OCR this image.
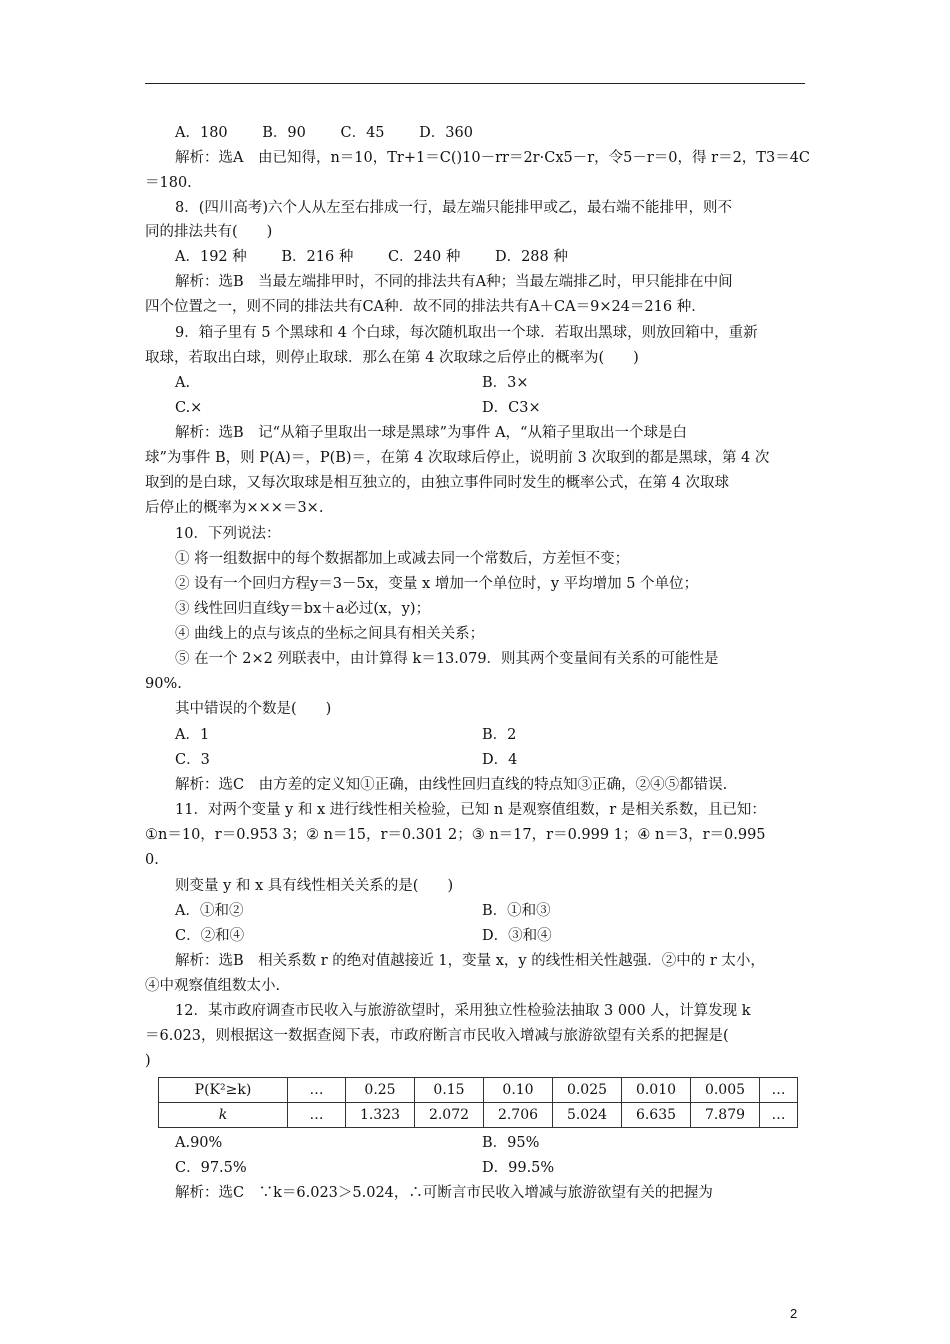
A．180 B．90 C．45 D．360
解析：选A　由已知得，n＝10，Tr+1＝C()10－rr＝2r·Cx5－r，令5－r＝0，得 r＝2，T3＝4C
＝180.
8．(四川高考)六个人从左至右排成一行，最左端只能排甲或乙，最右端不能排甲，则不
同的排法共有(　　)
A．192 种 B．216 种 C．240 种 D．288 种
解析：选B　当最左端排甲时，不同的排法共有A种；当最左端排乙时，甲只能排在中间
四个位置之一，则不同的排法共有CA种．故不同的排法共有A＋CA＝9×24＝216 种．
9．箱子里有 5 个黑球和 4 个白球，每次随机取出一个球．若取出黑球，则放回箱中，重新
取球，若取出白球，则停止取球．那么在第 4 次取球之后停止的概率为(　　)
A.	B．3×
C.×	D．C3×
解析：选B　记“从箱子里取出一球是黑球”为事件 A，“从箱子里取出一个球是白
球”为事件 B，则 P(A)＝，P(B)＝，在第 4 次取球后停止，说明前 3 次取到的都是黑球，第 4 次
取到的是白球，又每次取球是相互独立的，由独立事件同时发生的概率公式，在第 4 次取球
后停止的概率为×××＝3×.
10．下列说法：
① 将一组数据中的每个数据都加上或减去同一个常数后，方差恒不变；
② 设有一个回归方程y＝3－5x，变量 x 增加一个单位时，y 平均增加 5 个单位；
③ 线性回归直线y＝bx＋a必过(x，y)；
④ 曲线上的点与该点的坐标之间具有相关关系；
⑤ 在一个 2×2 列联表中，由计算得 k＝13.079．则其两个变量间有关系的可能性是
90%.
其中错误的个数是(　　)
A．1	B．2
C．3	D．4
解析：选C　由方差的定义知①正确，由线性回归直线的特点知③正确，②④⑤都错误.
11．对两个变量 y 和 x 进行线性相关检验，已知 n 是观察值组数，r 是相关系数，且已知：
①n＝10，r＝0.953 3；② n＝15，r＝0.301 2；③ n＝17，r＝0.999 1；④ n＝3，r＝0.995
0.
则变量 y 和 x 具有线性相关关系的是(　　)
A．①和②	B．①和③
C．②和④	D．③和④
解析：选B　相关系数 r 的绝对值越接近 1，变量 x，y 的线性相关性越强．②中的 r 太小，
④中观察值组数太小.
12．某市政府调查市民收入与旅游欲望时，采用独立性检验法抽取 3 000 人，计算发现 k
＝6.023，则根据这一数据查阅下表，市政府断言市民收入增减与旅游欲望有关系的把握是(
)
P(K²≥k)	…	0.25	0.15	0.10	0.025	0.010	0.005	…
k	…	1.323	2.072	2.706	5.024	6.635	7.879	…
A.90%	B．95%
C．97.5%	D．99.5%
解析：选C　∵k＝6.023＞5.024，∴可断言市民收入增减与旅游欲望有关的把握为
2
